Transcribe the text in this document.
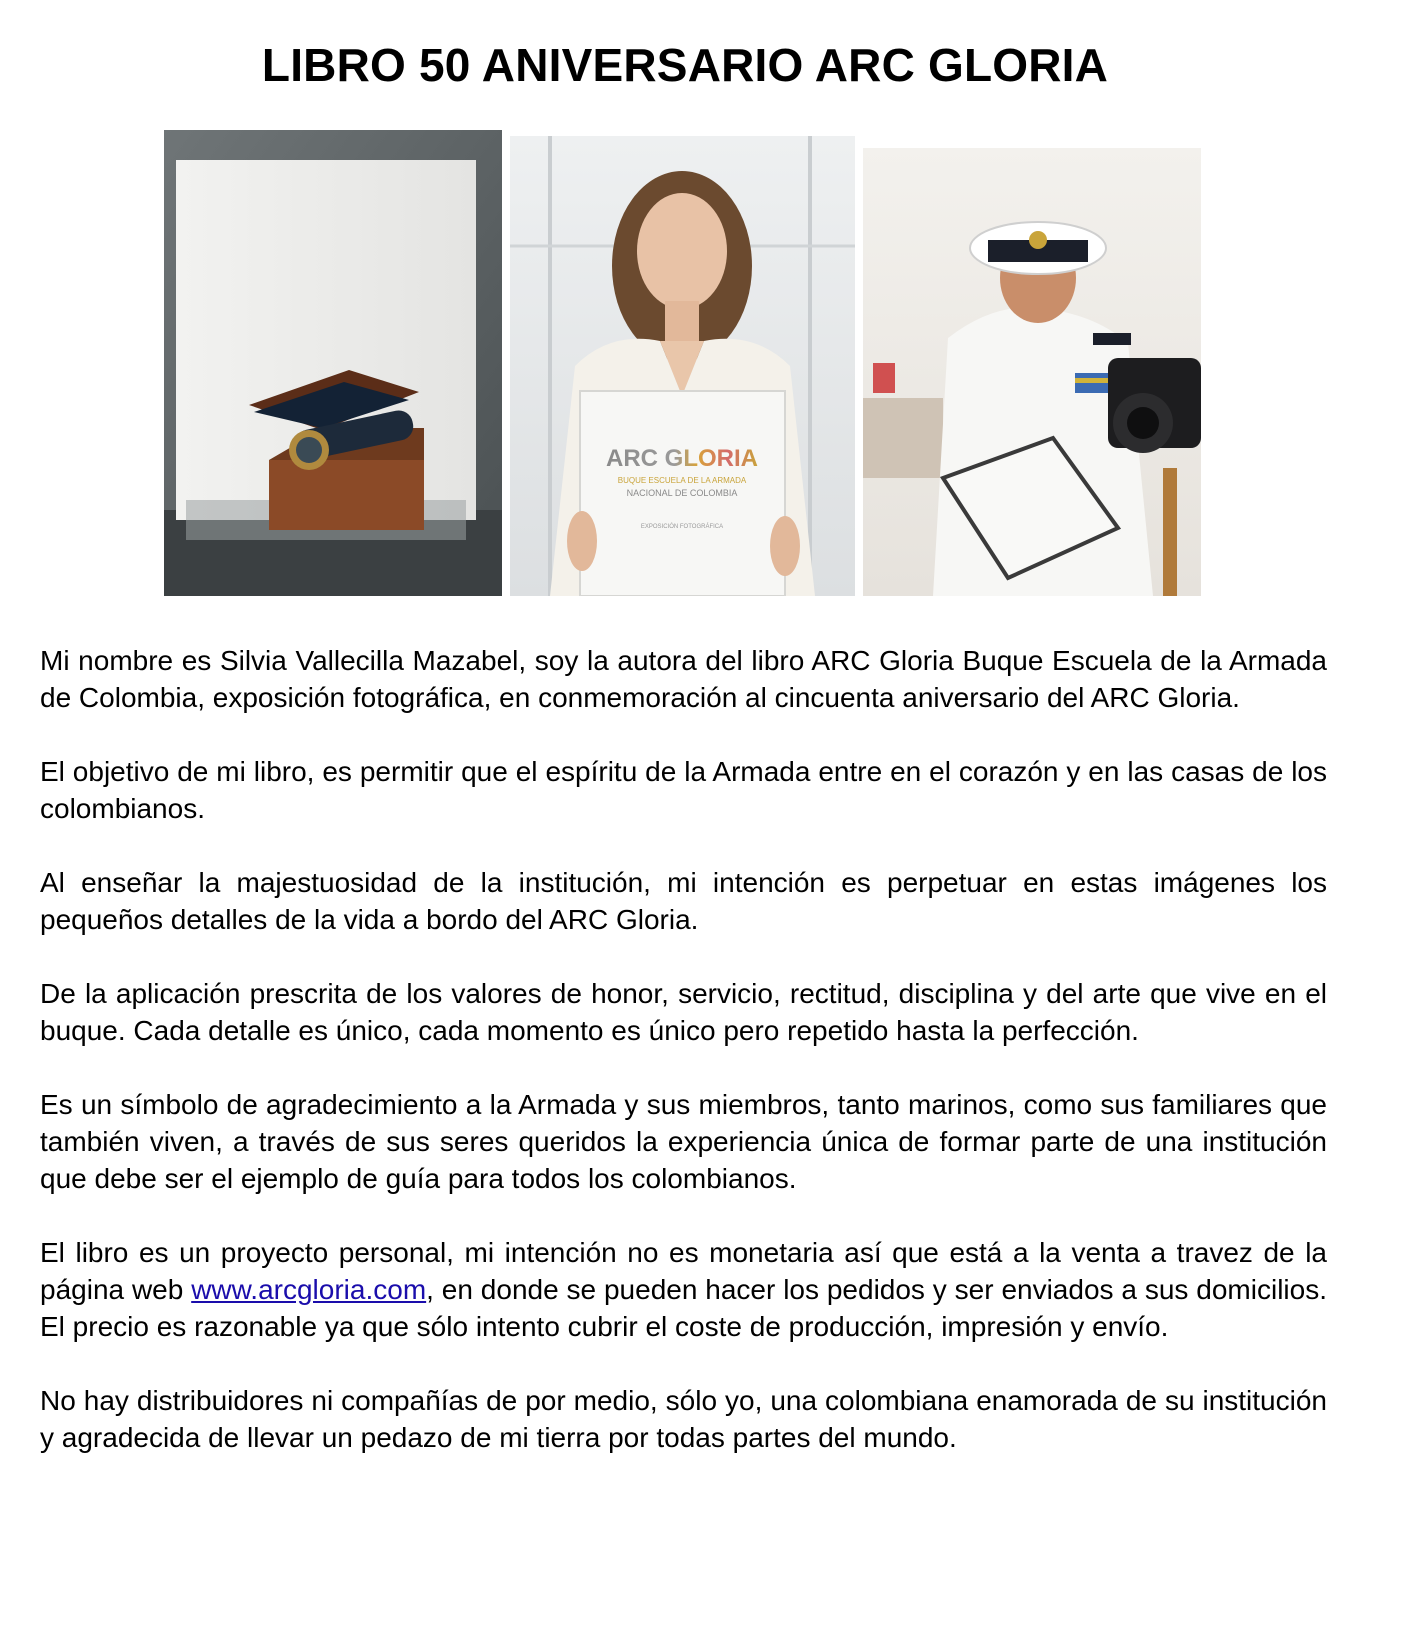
LIBRO 50 ANIVERSARIO ARC GLORIA
ARC GLORIA
BUQUE ESCUELA DE LA ARMADA
NACIONAL DE COLOMBIA
EXPOSICIÓN FOTOGRÁFICA

Mi nombre es Silvia Vallecilla Mazabel, soy la autora del libro ARC Gloria Buque Escuela de la Armada de Colombia, exposición fotográfica, en conmemoración al cincuenta aniversario del ARC Gloria.

El objetivo de mi libro, es permitir que el espíritu de la Armada entre en el corazón y en las casas de los colombianos.

Al enseñar la majestuosidad de la institución, mi intención es perpetuar en estas imágenes los pequeños detalles de la vida a bordo del ARC Gloria.

De la aplicación prescrita de los valores de honor, servicio, rectitud, disciplina y del arte que vive en el buque. Cada detalle es único, cada momento es único pero repetido hasta la perfección.

Es un símbolo de agradecimiento a la Armada y sus miembros, tanto marinos, como sus familiares que también viven, a través de sus seres queridos la experiencia única de formar parte de una institución que debe ser el ejemplo de guía para todos los colombianos.

El libro es un proyecto personal, mi intención no es monetaria así que está a la venta a travez de la página web www.arcgloria.com, en donde se pueden hacer los pedidos y ser enviados a sus domicilios. El precio es razonable ya que sólo intento cubrir el coste de producción, impresión y envío.

No hay distribuidores ni compañías de por medio, sólo yo, una colombiana enamorada de su institución y agradecida de llevar un pedazo de mi tierra por todas partes del mundo.
